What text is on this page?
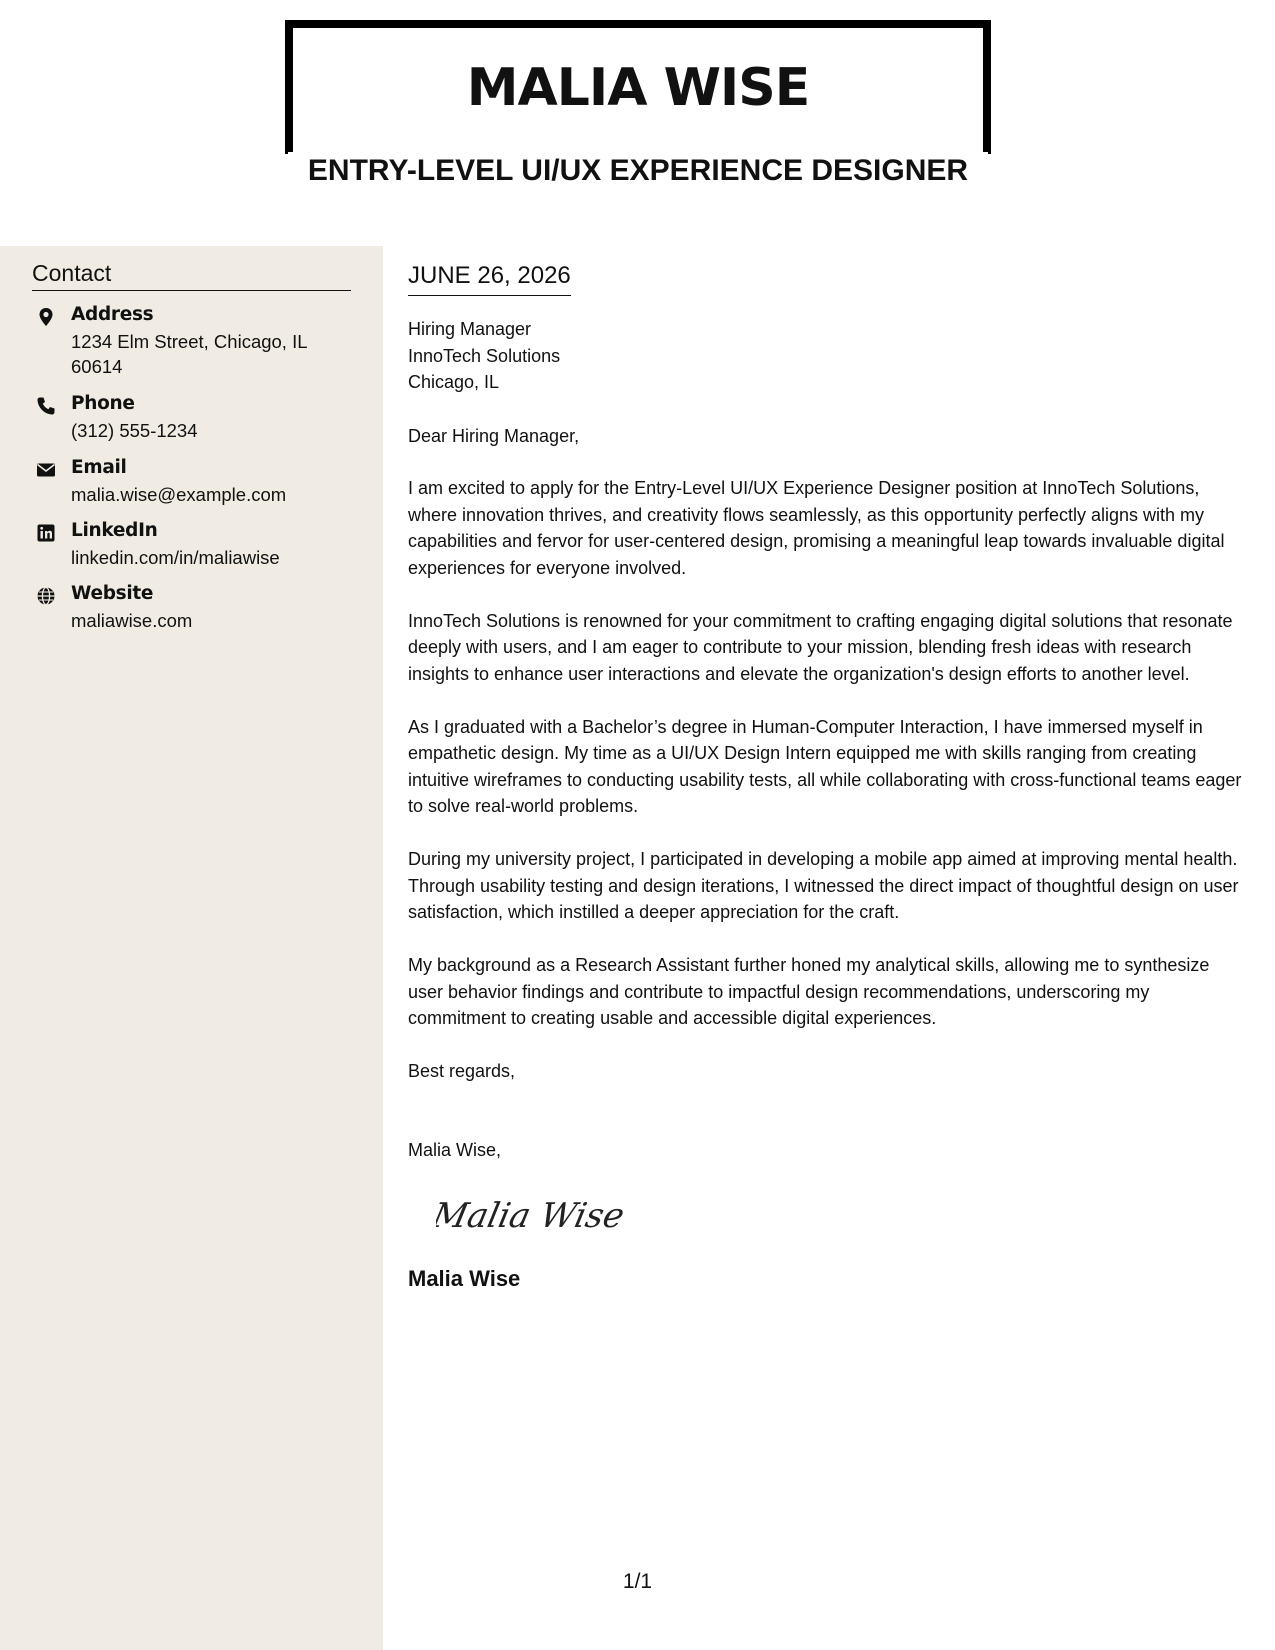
MALIA WISE
ENTRY-LEVEL UI/UX EXPERIENCE DESIGNER
Contact
Address
1234 Elm Street, Chicago, IL 60614
Phone
(312) 555-1234
Email
malia.wise@example.com
LinkedIn
linkedin.com/in/maliawise
Website
maliawise.com
JUNE 26, 2026
Hiring Manager
InnoTech Solutions
Chicago, IL

Dear Hiring Manager,

I am excited to apply for the Entry-Level UI/UX Experience Designer position at InnoTech Solutions, where innovation thrives, and creativity flows seamlessly, as this opportunity perfectly aligns with my capabilities and fervor for user-centered design, promising a meaningful leap towards invaluable digital experiences for everyone involved.

InnoTech Solutions is renowned for your commitment to crafting engaging digital solutions that resonate deeply with users, and I am eager to contribute to your mission, blending fresh ideas with research insights to enhance user interactions and elevate the organization's design efforts to another level.

As I graduated with a Bachelor’s degree in Human-Computer Interaction, I have immersed myself in empathetic design. My time as a UI/UX Design Intern equipped me with skills ranging from creating intuitive wireframes to conducting usability tests, all while collaborating with cross-functional teams eager to solve real-world problems.

During my university project, I participated in developing a mobile app aimed at improving mental health. Through usability testing and design iterations, I witnessed the direct impact of thoughtful design on user satisfaction, which instilled a deeper appreciation for the craft.

My background as a Research Assistant further honed my analytical skills, allowing me to synthesize user behavior findings and contribute to impactful design recommendations, underscoring my commitment to creating usable and accessible digital experiences.

Best regards,

Malia Wise,

Malia Wise
Malia Wise
1/1
